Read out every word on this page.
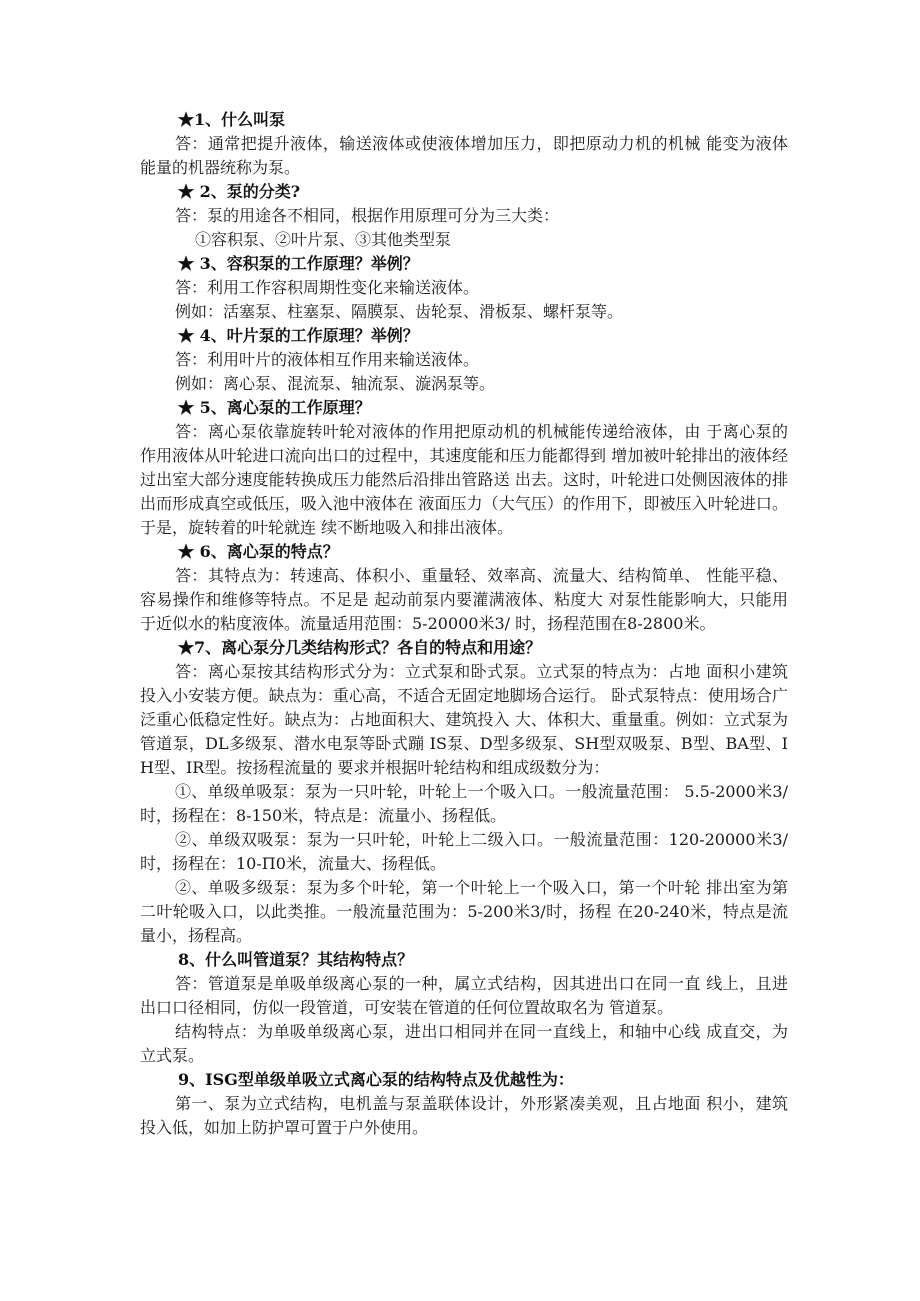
★1、什么叫泵

答：通常把提升液体，输送液体或使液体增加压力，即把原动力机的机械 能变为液体能量的机器统称为泵。

★ 2、泵的分类?

答：泵的用途各不相同，根据作用原理可分为三大类：

①容积泵、②叶片泵、③其他类型泵

★ 3、容积泵的工作原理？举例？

答：利用工作容积周期性变化来输送液体。

例如：活塞泵、柱塞泵、隔膜泵、齿轮泵、滑板泵、螺杆泵等。

★ 4、叶片泵的工作原理？举例？

答：利用叶片的液体相互作用来输送液体。

例如：离心泵、混流泵、轴流泵、漩涡泵等。

★ 5、离心泵的工作原理？

答：离心泵依靠旋转叶轮对液体的作用把原动机的机械能传递给液体，由 于离心泵的作用液体从叶轮进口流向出口的过程中，其速度能和压力能都得到 增加被叶轮排出的液体经过出室大部分速度能转换成压力能然后沿排出管路送 出去。这时，叶轮进口处侧因液体的排出而形成真空或低压，吸入池中液体在 液面压力（大气压）的作用下，即被压入叶轮进口。于是，旋转着的叶轮就连 续不断地吸入和排出液体。

★ 6、离心泵的特点？

答：其特点为：转速高、体积小、重量轻、效率高、流量大、结构简单、 性能平稳、容易操作和维修等特点。不足是 起动前泵内要灌满液体、粘度大 对泵性能影响大，只能用于近似水的粘度液体。流量适用范围：5-20000米3/ 时，扬程范围在8-2800米。

★7、离心泵分几类结构形式？各自的特点和用途？

答：离心泵按其结构形式分为：立式泵和卧式泵。立式泵的特点为：占地 面积小建筑投入小安装方便。缺点为：重心高，不适合无固定地脚场合运行。 卧式泵特点：使用场合广泛重心低稳定性好。缺点为：占地面积大、建筑投入 大、体积大、重量重。例如：立式泵为管道泵，DL多级泵、潜水电泵等卧式蹦 IS泵、D型多级泵、SH型双吸泵、B型、BA型、IH型、IR型。按扬程流量的 要求并根据叶轮结构和组成级数分为：

①、单级单吸泵：泵为一只叶轮，叶轮上一个吸入口。一般流量范围： 5.5-2000米3/时，扬程在：8-150米，特点是：流量小、扬程低。

②、单级双吸泵：泵为一只叶轮，叶轮上二级入口。一般流量范围：120-20000米3/时，扬程在：10-Π0米，流量大、扬程低。

②、单吸多级泵：泵为多个叶轮，第一个叶轮上一个吸入口，第一个叶轮 排出室为第二叶轮吸入口，以此类推。一般流量范围为：5-200米3/时，扬程 在20-240米，特点是流量小，扬程高。

8、什么叫管道泵？其结构特点？

答：管道泵是单吸单级离心泵的一种，属立式结构，因其进出口在同一直 线上，且进出口口径相同，仿似一段管道，可安装在管道的任何位置故取名为 管道泵。

结构特点：为单吸单级离心泵，进出口相同并在同一直线上，和轴中心线 成直交，为立式泵。

9、ISG型单级单吸立式离心泵的结构特点及优越性为：

第一、泵为立式结构，电机盖与泵盖联体设计，外形紧凑美观，且占地面 积小，建筑投入低，如加上防护罩可置于户外使用。
